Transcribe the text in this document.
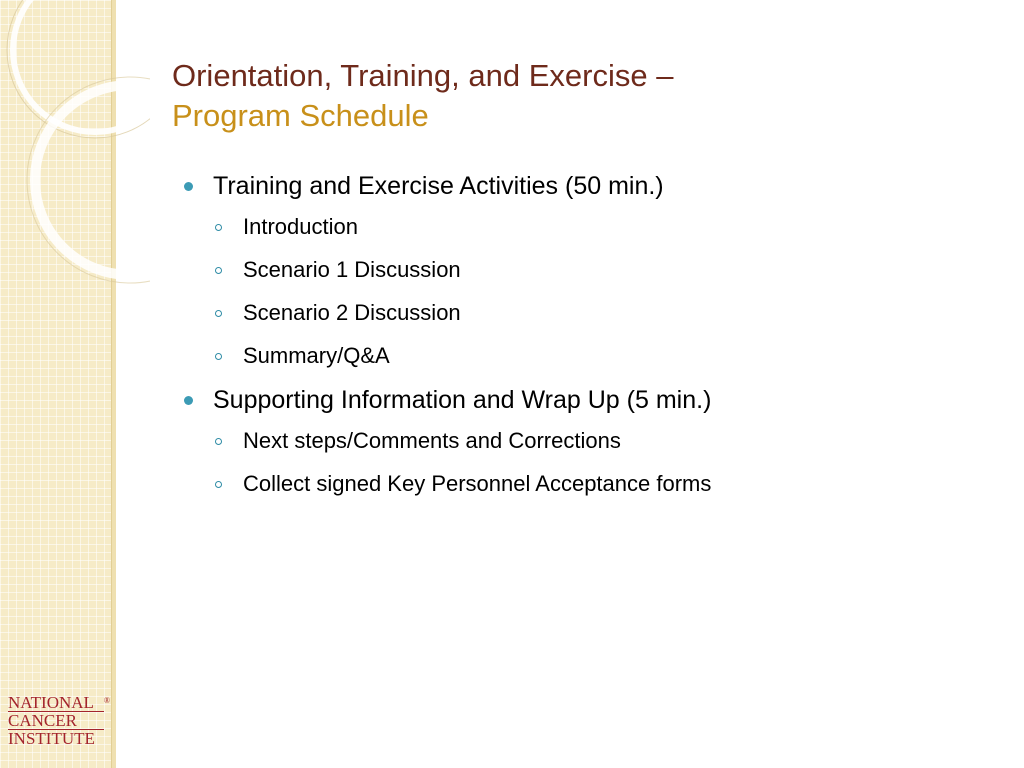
Orientation, Training, and Exercise –
Program Schedule
Training and Exercise Activities (50 min.)
Introduction
Scenario 1 Discussion
Scenario 2 Discussion
Summary/Q&A
Supporting Information and Wrap Up (5 min.)
Next steps/Comments and Corrections
Collect signed Key Personnel Acceptance forms
NATIONAL
CANCER
INSTITUTE
®
